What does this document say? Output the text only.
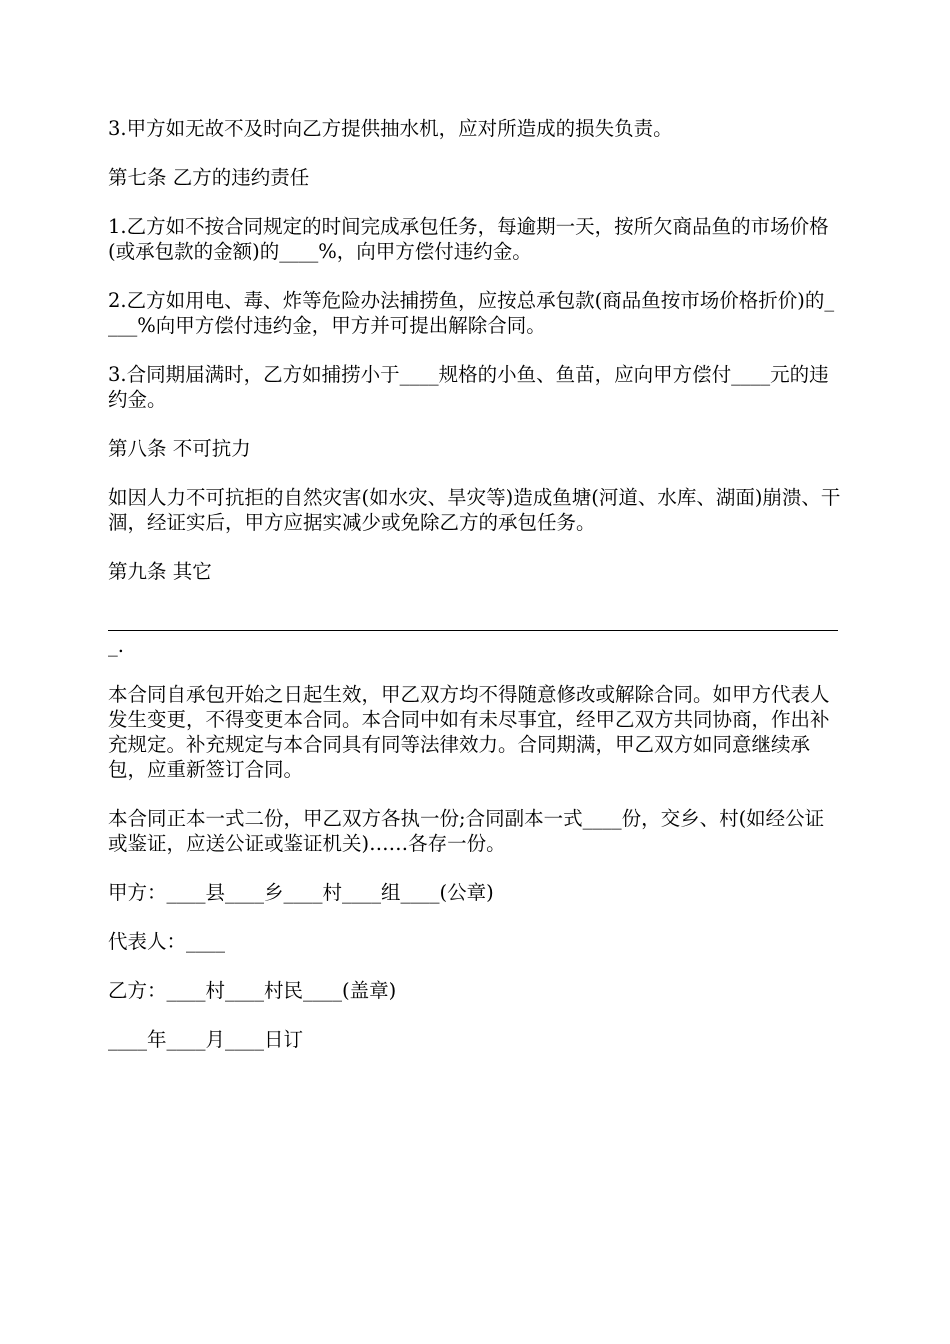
3.甲方如无故不及时向乙方提供抽水机，应对所造成的损失负责。

第七条 乙方的违约责任

1.乙方如不按合同规定的时间完成承包任务，每逾期一天，按所欠商品鱼的市场价格(或承包款的金额)的____%，向甲方偿付违约金。

2.乙方如用电、毒、炸等危险办法捕捞鱼，应按总承包款(商品鱼按市场价格折价)的____%向甲方偿付违约金，甲方并可提出解除合同。

3.合同期届满时，乙方如捕捞小于____规格的小鱼、鱼苗，应向甲方偿付____元的违约金。

第八条 不可抗力

如因人力不可抗拒的自然灾害(如水灾、旱灾等)造成鱼塘(河道、水库、湖面)崩溃、干涸，经证实后，甲方应据实减少或免除乙方的承包任务。

第九条 其它

_.

本合同自承包开始之日起生效，甲乙双方均不得随意修改或解除合同。如甲方代表人发生变更，不得变更本合同。本合同中如有未尽事宜，经甲乙双方共同协商，作出补充规定。补充规定与本合同具有同等法律效力。合同期满，甲乙双方如同意继续承包，应重新签订合同。

本合同正本一式二份，甲乙双方各执一份;合同副本一式____份，交乡、村(如经公证或鉴证，应送公证或鉴证机关)……各存一份。

甲方：____县____乡____村____组____(公章)

代表人：____

乙方：____村____村民____(盖章)

____年____月____日订
